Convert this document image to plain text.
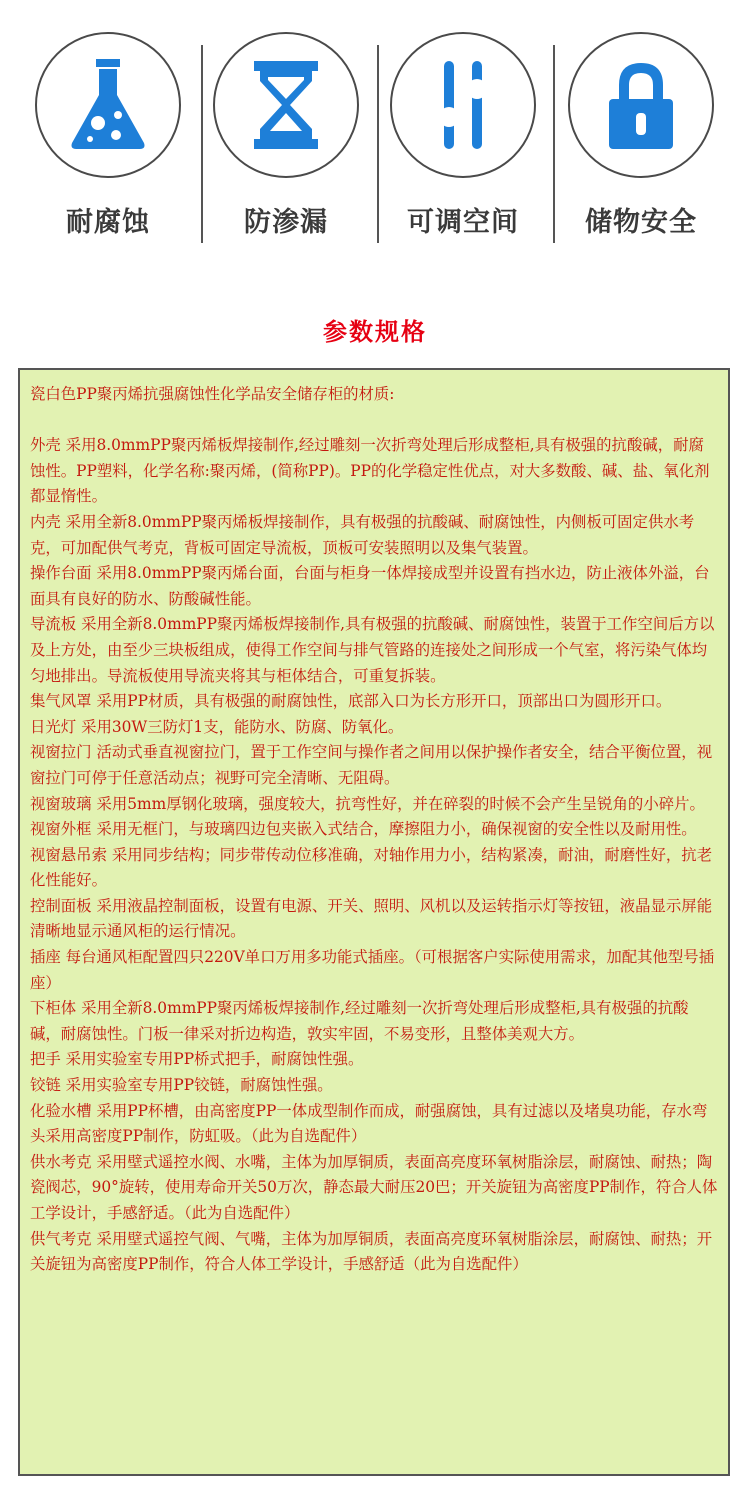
耐腐蚀	防渗漏	可调空间	储物安全
参数规格
瓷白色PP聚丙烯抗强腐蚀性化学品安全储存柜的材质:

外壳 采用8.0mmPP聚丙烯板焊接制作,经过雕刻一次折弯处理后形成整柜,具有极强的抗酸碱，耐腐蚀性。PP塑料，化学名称:聚丙烯，(简称PP)。PP的化学稳定性优点，对大多数酸、碱、盐、氧化剂都显惰性。

内壳 采用全新8.0mmPP聚丙烯板焊接制作，具有极强的抗酸碱、耐腐蚀性，内侧板可固定供水考克，可加配供气考克，背板可固定导流板，顶板可安装照明以及集气装置。

操作台面 采用8.0mmPP聚丙烯台面，台面与柜身一体焊接成型并设置有挡水边，防止液体外溢，台面具有良好的防水、防酸碱性能。

导流板 采用全新8.0mmPP聚丙烯板焊接制作,具有极强的抗酸碱、耐腐蚀性，装置于工作空间后方以及上方处，由至少三块板组成，使得工作空间与排气管路的连接处之间形成一个气室，将污染气体均匀地排出。导流板使用导流夹将其与柜体结合，可重复拆装。

集气风罩 采用PP材质，具有极强的耐腐蚀性，底部入口为长方形开口，顶部出口为圆形开口。

日光灯 采用30W三防灯1支，能防水、防腐、防氧化。

视窗拉门 活动式垂直视窗拉门，置于工作空间与操作者之间用以保护操作者安全，结合平衡位置，视窗拉门可停于任意活动点；视野可完全清晰、无阻碍。

视窗玻璃 采用5mm厚钢化玻璃，强度较大，抗弯性好，并在碎裂的时候不会产生呈锐角的小碎片。

视窗外框 采用无框门，与玻璃四边包夹嵌入式结合，摩擦阻力小，确保视窗的安全性以及耐用性。

视窗悬吊索 采用同步结构；同步带传动位移准确，对轴作用力小，结构紧凑，耐油，耐磨性好，抗老化性能好。

控制面板 采用液晶控制面板，设置有电源、开关、照明、风机以及运转指示灯等按钮，液晶显示屏能清晰地显示通风柜的运行情况。

插座 每台通风柜配置四只220V单口万用多功能式插座。（可根据客户实际使用需求，加配其他型号插座）

下柜体 采用全新8.0mmPP聚丙烯板焊接制作,经过雕刻一次折弯处理后形成整柜,具有极强的抗酸碱，耐腐蚀性。门板一律采对折边构造，敦实牢固，不易变形，且整体美观大方。

把手 采用实验室专用PP桥式把手，耐腐蚀性强。

铰链 采用实验室专用PP铰链，耐腐蚀性强。

化验水槽 采用PP杯槽，由高密度PP一体成型制作而成，耐强腐蚀，具有过滤以及堵臭功能，存水弯头采用高密度PP制作，防虹吸。（此为自选配件）

供水考克 采用壁式遥控水阀、水嘴，主体为加厚铜质，表面高亮度环氧树脂涂层，耐腐蚀、耐热；陶瓷阀芯，90°旋转，使用寿命开关50万次，静态最大耐压20巴；开关旋钮为高密度PP制作，符合人体工学设计，手感舒适。（此为自选配件）

供气考克 采用壁式遥控气阀、气嘴，主体为加厚铜质，表面高亮度环氧树脂涂层，耐腐蚀、耐热；开关旋钮为高密度PP制作，符合人体工学设计，手感舒适（此为自选配件）
